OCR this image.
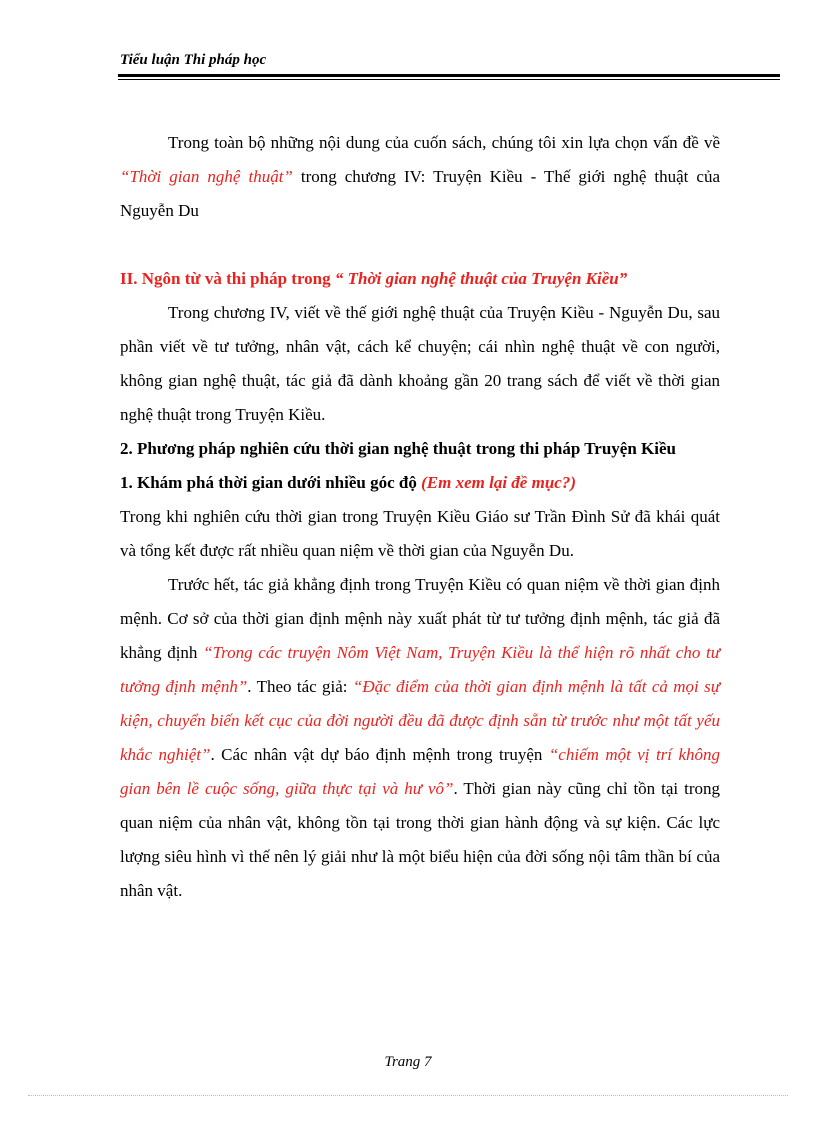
Tiểu luận Thi pháp học

Trong toàn bộ những nội dung của cuốn sách, chúng tôi xin lựa chọn vấn đề về “Thời gian nghệ thuật” trong chương IV: Truyện Kiều - Thế giới nghệ thuật của Nguyễn Du

II. Ngôn từ và thi pháp trong “ Thời gian nghệ thuật của Truyện Kiều”

Trong chương IV, viết về thế giới nghệ thuật của Truyện Kiều - Nguyễn Du, sau phần viết về tư tưởng, nhân vật, cách kể chuyện; cái nhìn nghệ thuật về con người, không gian nghệ thuật, tác giả đã dành khoảng gần 20 trang sách để viết về thời gian nghệ thuật trong Truyện Kiều.

2. Phương pháp nghiên cứu thời gian nghệ thuật trong thi pháp Truyện Kiều

1. Khám phá thời gian dưới nhiều góc độ (Em xem lại đề mục?)

Trong khi nghiên cứu thời gian trong Truyện Kiều Giáo sư Trần Đình Sử đã khái quát và tổng kết được rất nhiều quan niệm về thời gian của Nguyễn Du.

Trước hết, tác giả khẳng định trong Truyện Kiều có quan niệm về thời gian định mệnh. Cơ sở của thời gian định mệnh này xuất phát từ tư tưởng định mệnh, tác giả đã khẳng định “Trong các truyện Nôm Việt Nam, Truyện Kiều là thể hiện rõ nhất cho tư tưởng định mệnh”. Theo tác giả: “Đặc điểm của thời gian định mệnh là tất cả mọi sự kiện, chuyển biến kết cục của đời người đều đã được định sẵn từ trước như một tất yếu khắc nghiệt”. Các nhân vật dự báo định mệnh trong truyện “chiếm một vị trí không gian bên lề cuộc sống, giữa thực tại và hư vô”. Thời gian này cũng chỉ tồn tại trong quan niệm của nhân vật, không tồn tại trong thời gian hành động và sự kiện. Các lực lượng siêu hình vì thế nên lý giải như là một biểu hiện của đời sống nội tâm thần bí của nhân vật.

Trang 7
